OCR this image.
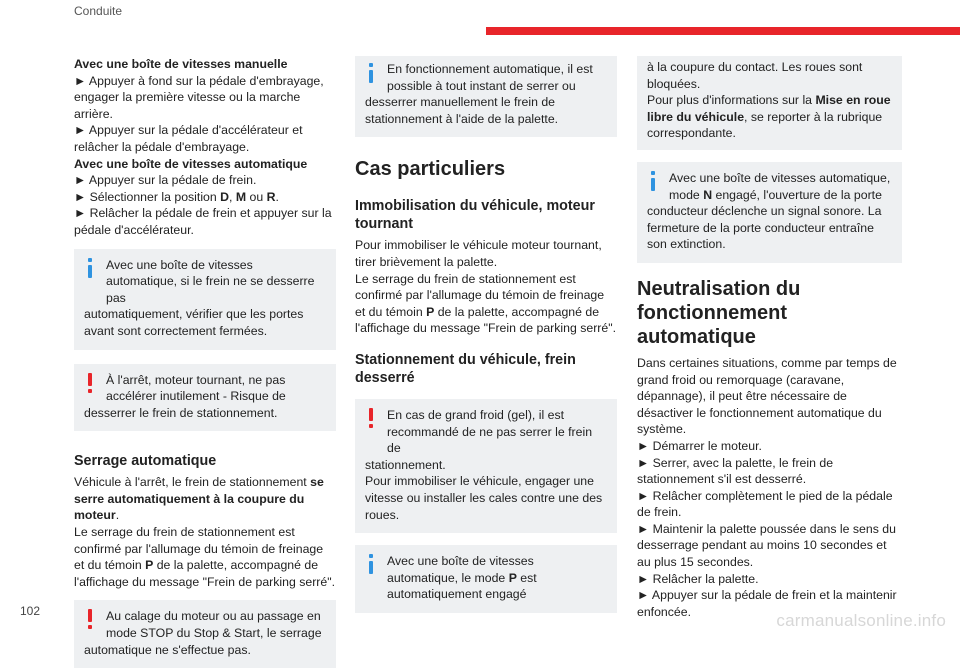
Conduite

Avec une boîte de vitesses manuelle

► Appuyer à fond sur la pédale d'embrayage, engager la première vitesse ou la marche arrière.

► Appuyer sur la pédale d'accélérateur et relâcher la pédale d'embrayage.

Avec une boîte de vitesses automatique

► Appuyer sur la pédale de frein.

► Sélectionner la position D, M ou R.

► Relâcher la pédale de frein et appuyer sur la pédale d'accélérateur.

Avec une boîte de vitesses automatique, si le frein ne se desserre pas
automatiquement, vérifier que les portes avant sont correctement fermées.
À l'arrêt, moteur tournant, ne pas accélérer inutilement - Risque de
desserrer le frein de stationnement.
Serrage automatique

Véhicule à l'arrêt, le frein de stationnement se serre automatiquement à la coupure du moteur.

Le serrage du frein de stationnement est confirmé par l'allumage du témoin de freinage et du témoin P de la palette, accompagné de l'affichage du message "Frein de parking serré".

Au calage du moteur ou au passage en mode STOP du Stop & Start, le serrage
automatique ne s'effectue pas.
En fonctionnement automatique, il est possible à tout instant de serrer ou
desserrer manuellement le frein de stationnement à l'aide de la palette.
Cas particuliers
Immobilisation du véhicule, moteur tournant

Pour immobiliser le véhicule moteur tournant, tirer brièvement la palette.

Le serrage du frein de stationnement est confirmé par l'allumage du témoin de freinage et du témoin P de la palette, accompagné de l'affichage du message "Frein de parking serré".

Stationnement du véhicule, frein desserré
En cas de grand froid (gel), il est recommandé de ne pas serrer le frein de
stationnement.
Pour immobiliser le véhicule, engager une vitesse ou installer les cales contre une des roues.
Avec une boîte de vitesses automatique, le mode P est automatiquement engagé
à la coupure du contact. Les roues sont bloquées.
Pour plus d'informations sur la Mise en roue libre du véhicule, se reporter à la rubrique correspondante.
Avec une boîte de vitesses automatique, mode N engagé, l'ouverture de la porte
conducteur déclenche un signal sonore. La fermeture de la porte conducteur entraîne son extinction.
Neutralisation du fonctionnement automatique

Dans certaines situations, comme par temps de grand froid ou remorquage (caravane, dépannage), il peut être nécessaire de désactiver le fonctionnement automatique du système.

► Démarrer le moteur.

► Serrer, avec la palette, le frein de stationnement s'il est desserré.

► Relâcher complètement le pied de la pédale de frein.

► Maintenir la palette poussée dans le sens du desserrage pendant au moins 10 secondes et au plus 15 secondes.

► Relâcher la palette.

► Appuyer sur la pédale de frein et la maintenir enfoncée.

102	carmanualsonline.info
